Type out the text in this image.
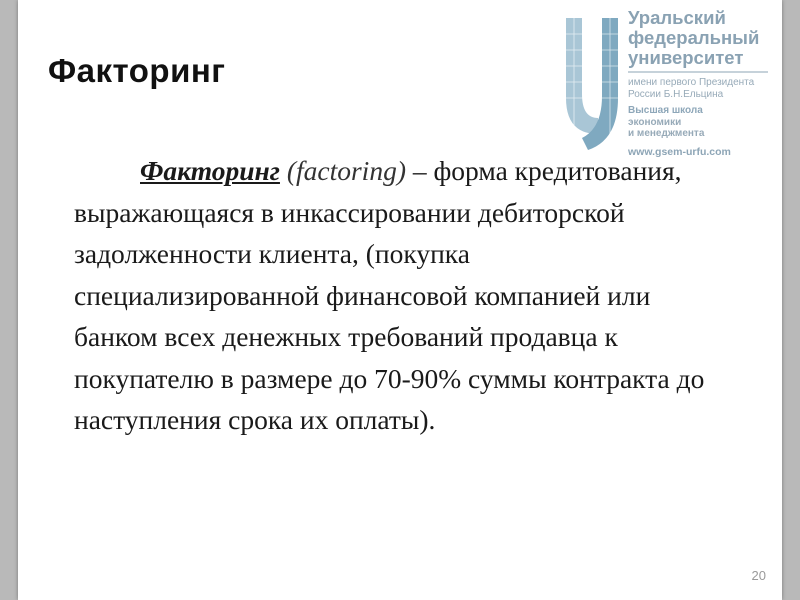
Уральский
федеральный
университет
имени первого Президента
России Б.Н.Ельцина
Высшая школа
экономики
и менеджмента
www.gsem-urfu.com
Факторинг
Факторинг (factoring) – форма кредитования, выражающаяся в инкассировании дебиторской задолженности клиента, (покупка специализированной финансовой компанией или банком всех денежных требований продавца к покупателю в размере до 70-90% суммы контракта до наступления срока их оплаты).
20
